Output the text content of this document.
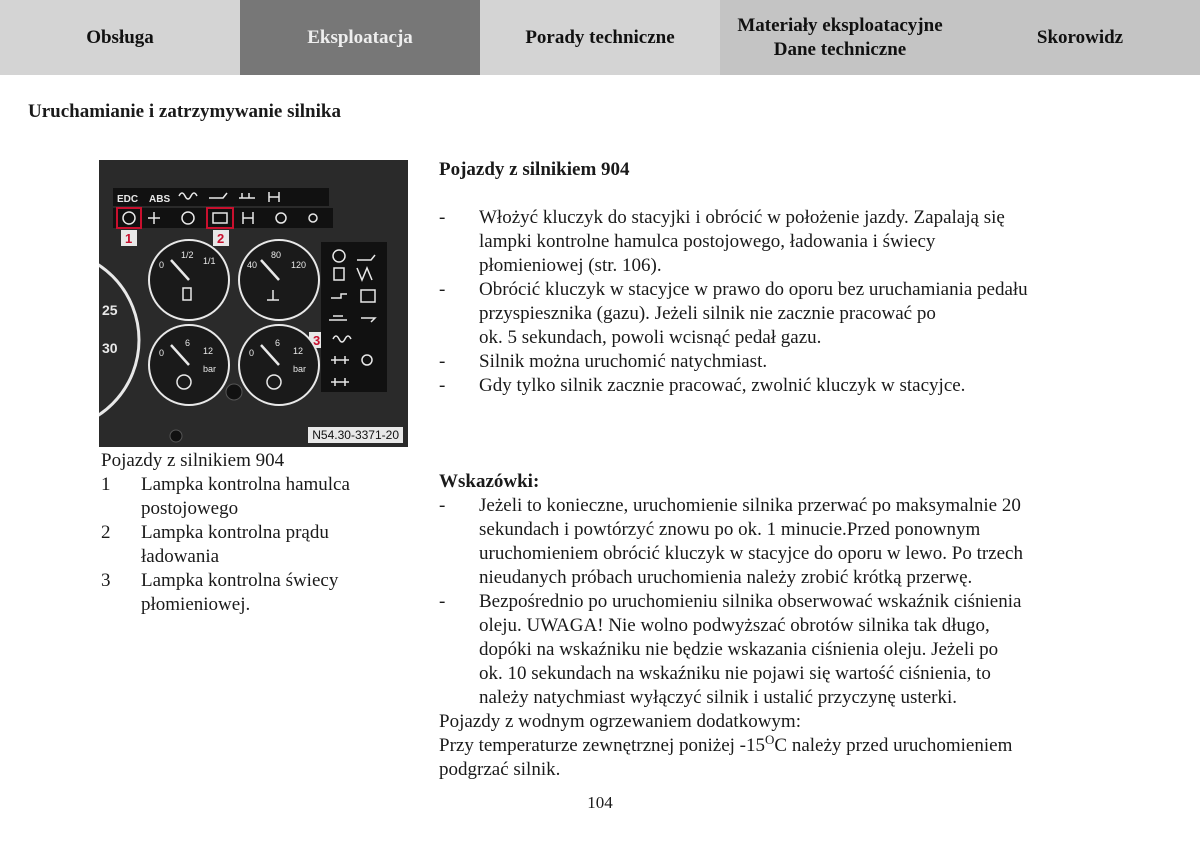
Obsługa	Eksploatacja	Porady techniczne
Materiały eksploatacyjne
Dane techniczne
Skorowidz
Uruchamianie i zatrzymywanie silnika
EDC ABS
1	2
3
25
30
0
1/2
1/1	40
80
120
0
6
12
bar
0
6
12
bar
N54.30-3371-20
Pojazdy z silnikiem 904
1	Lampka kontrolna hamulca
postojowego
2	Lampka kontrolna prądu
ładowania
3	Lampka kontrolna świecy
płomieniowej.
Pojazdy z silnikiem 904
-	Włożyć kluczyk do stacyjki i obrócić w położenie jazdy. Zapalają się
lampki kontrolne hamulca postojowego, ładowania i świecy
płomieniowej (str. 106).
-	Obrócić kluczyk w stacyjce w prawo do oporu bez uruchamiania pedału
przyspiesznika (gazu). Jeżeli silnik nie zacznie pracować po
ok. 5 sekundach, powoli wcisnąć pedał gazu.
-	Silnik można uruchomić natychmiast.
-	Gdy tylko silnik zacznie pracować, zwolnić kluczyk w stacyjce.
Wskazówki:
-	Jeżeli to konieczne, uruchomienie silnika przerwać po maksymalnie 20
sekundach i powtórzyć znowu po ok. 1 minucie.Przed ponownym
uruchomieniem obrócić kluczyk w stacyjce do oporu w lewo. Po trzech
nieudanych próbach uruchomienia należy zrobić krótką przerwę.
-	Bezpośrednio po uruchomieniu silnika obserwować wskaźnik ciśnienia
oleju. UWAGA! Nie wolno podwyższać obrotów silnika tak długo,
dopóki na wskaźniku nie będzie wskazania ciśnienia oleju. Jeżeli po
ok. 10 sekundach na wskaźniku nie pojawi się wartość ciśnienia, to
należy natychmiast wyłączyć silnik i ustalić przyczynę usterki.
Pojazdy z wodnym ogrzewaniem dodatkowym:
Przy temperaturze zewnętrznej poniżej $-15^OC$ należy przed uruchomieniem
podgrzać silnik.
104
